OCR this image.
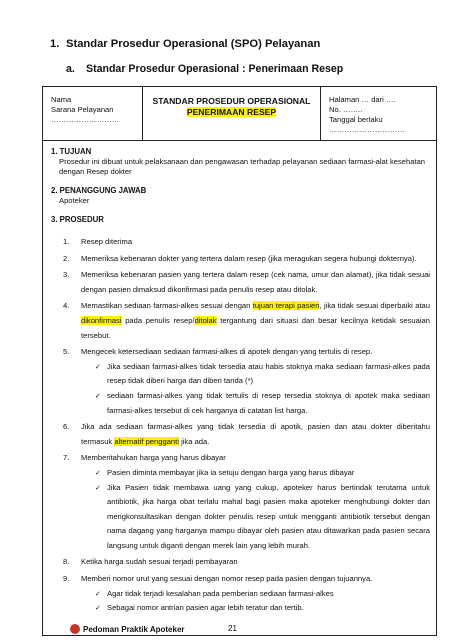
1. Standar Prosedur Operasional (SPO) Pelayanan
a. Standar Prosedur Operasional : Penerimaan Resep
Nama
Sarana Pelayanan
………………………
STANDAR PROSEDUR OPERASIONAL
PENERIMAAN RESEP
Halaman … dari ….
No. ……..
Tanggal berlaku
…………………………
1. TUJUAN
Prosedur ini dibuat untuk pelaksanaan dan pengawasan terhadap pelayanan sediaan farmasi-alat kesehatan dengan Resep dokter
2. PENANGGUNG JAWAB
Apoteker
3. PROSEDUR
1. Resep diterima
2. Memeriksa kebenaran dokter yang tertera dalam resep (jika meragukan segera hubungi dokternya).
3. Memeriksa kebenaran pasien yang tertera dalam resep (cek nama, umur dan alamat), jika tidak sesuai dengan pasien dimaksud dikonfirmasi pada penulis resep atau ditolak.
4. Memastikan sediaan farmasi-alkes sesuai dengan tujuan terapi pasien, jika tidak sesuai diperbaiki atau dikonfirmasi pada penulis resep/ditolak tergantung dari situasi dan besar kecilnya ketidak sesuaian tersebut.
5. Mengecek ketersediaan sediaan farmasi-alkes di apotek dengan yang tertulis di resep.
✓ Jika sediaan farmasi-alkes tidak tersedia atau habis stoknya maka sediaan farmasi-alkes pada resep tidak diberi harga dan diberi tanda (*)
✓ sediaan farmasi-alkes yang tidak tertulis di resep tersedia stoknya di apotek maka sediaan farmasi-alkes tersebut di cek harganya di catatan list harga.
6. Jika ada sediaan farmasi-alkes yang tidak tersedia di apotik, pasien dan atau dokter diberitahu termasuk alternatif pengganti jika ada.
7. Memberitahukan harga yang harus dibayar
✓ Pasien diminta membayar jika ia setuju dengan harga yang harus dibayar
✓ Jika Pasien tidak membawa uang yang cukup, apoteker harus bertindak terutama untuk antibiotik, jika harga obat terlalu mahal bagi pasien maka apoteker menghubungi dokter dan mengkonsultasikan dengan dokter penulis resep untuk mengganti antibiotik tersebut dengan nama dagang yang harganya mampu dibayar oleh pasien atau ditawarkan pada pasien secara langsung untuk diganti dengan merek lain yang lebih murah.
8. Ketika harga sudah sesuai terjadi pembayaran
9. Memberi nomor urut yang sesuai dengan nomor resep pada pasien dengan tujuannya.
✓ Agar tidak terjadi kesalahan pada pemberian sediaan farmasi-alkes
✓ Sebagai nomor antrian pasien agar lebih teratur dan tertib.
Pedoman Praktik Apoteker	21
